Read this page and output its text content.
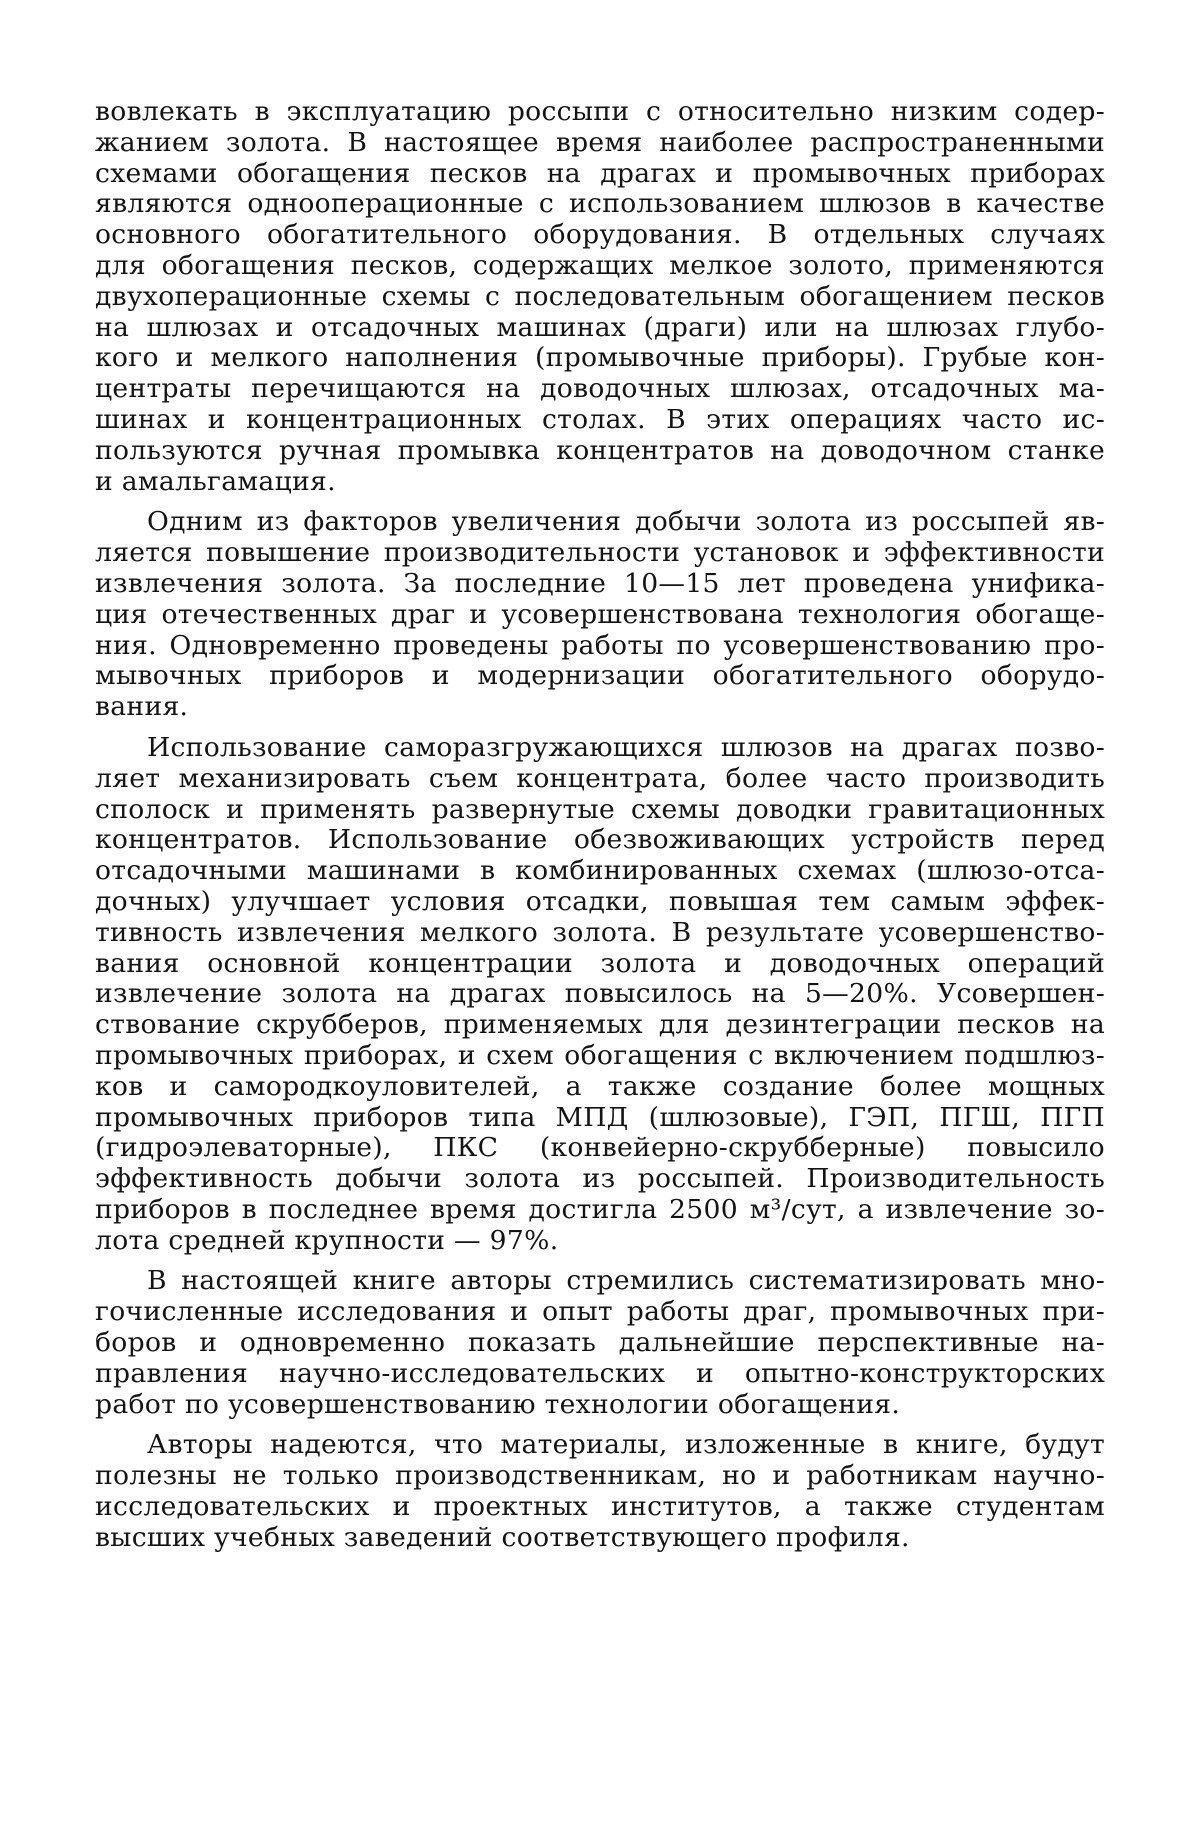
вовлекать в эксплуатацию россыпи с относительно низким содер-
жанием золота. В настоящее время наиболее распространенными
схемами обогащения песков на драгах и промывочных приборах
являются однооперационные с использованием шлюзов в качестве
основного обогатительного оборудования. В отдельных случаях
для обогащения песков, содержащих мелкое золото, применяются
двухоперационные схемы с последовательным обогащением песков
на шлюзах и отсадочных машинах (драги) или на шлюзах глубо-
кого и мелкого наполнения (промывочные приборы). Грубые кон-
центраты перечищаются на доводочных шлюзах, отсадочных ма-
шинах и концентрационных столах. В этих операциях часто ис-
пользуются ручная промывка концентратов на доводочном станке
и амальгамация.
Одним из факторов увеличения добычи золота из россыпей яв-
ляется повышение производительности установок и эффективности
извлечения золота. За последние 10—15 лет проведена унифика-
ция отечественных драг и усовершенствована технология обогаще-
ния. Одновременно проведены работы по усовершенствованию про-
мывочных приборов и модернизации обогатительного оборудо-
вания.
Использование саморазгружающихся шлюзов на драгах позво-
ляет механизировать съем концентрата, более часто производить
сполоск и применять развернутые схемы доводки гравитационных
концентратов. Использование обезвоживающих устройств перед
отсадочными машинами в комбинированных схемах (шлюзо-отса-
дочных) улучшает условия отсадки, повышая тем самым эффек-
тивность извлечения мелкого золота. В результате усовершенство-
вания основной концентрации золота и доводочных операций
извлечение золота на драгах повысилось на 5—20%. Усовершен-
ствование скрубберов, применяемых для дезинтеграции песков на
промывочных приборах, и схем обогащения с включением подшлюз-
ков и самородкоуловителей, а также создание более мощных
промывочных приборов типа МПД (шлюзовые), ГЭП, ПГШ, ПГП
(гидроэлеваторные), ПКС (конвейерно-скрубберные) повысило
эффективность добычи золота из россыпей. Производительность
приборов в последнее время достигла 2500 м³/сут, а извлечение зо-
лота средней крупности — 97%.
В настоящей книге авторы стремились систематизировать мно-
гочисленные исследования и опыт работы драг, промывочных при-
боров и одновременно показать дальнейшие перспективные на-
правления научно-исследовательских и опытно-конструкторских
работ по усовершенствованию технологии обогащения.
Авторы надеются, что материалы, изложенные в книге, будут
полезны не только производственникам, но и работникам научно-
исследовательских и проектных институтов, а также студентам
высших учебных заведений соответствующего профиля.
